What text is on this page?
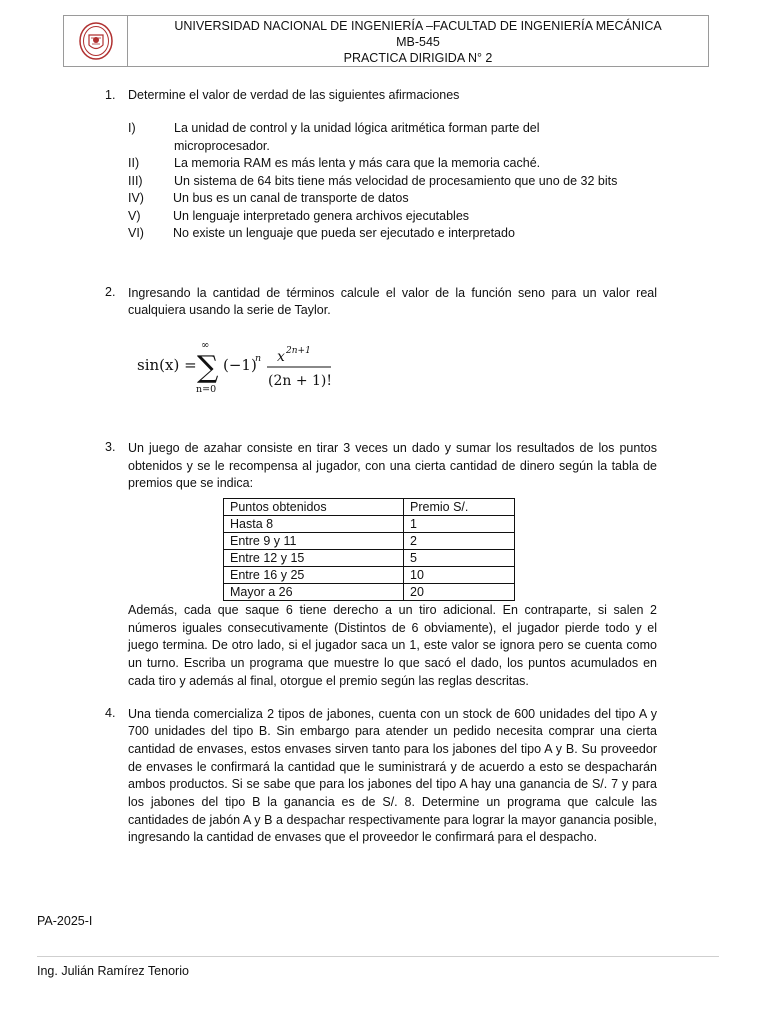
UNIVERSIDAD NACIONAL DE INGENIERÍA –FACULTAD DE INGENIERÍA MECÁNICA
MB-545
PRACTICA DIRIGIDA N° 2
1.	Determine el valor de verdad de las siguientes afirmaciones
I)	La unidad de control y la unidad lógica aritmética forman parte del microprocesador.
II)	La memoria RAM es más lenta y más cara que la memoria caché.
III)	Un sistema de 64 bits tiene más velocidad de procesamiento que uno de 32 bits
IV)	Un bus es un canal de transporte de datos
V)	Un lenguaje interpretado genera archivos ejecutables
VI)	No existe un lenguaje que pueda ser ejecutado e interpretado
2.	Ingresando la cantidad de términos calcule el valor de la función seno para un valor real cualquiera usando la serie de Taylor.
sin(x) =
∞
∑
n=0
(−1)
n x 2n+1
(2n + 1)!
3.	Un juego de azahar consiste en tirar 3 veces un dado y sumar los resultados de los puntos obtenidos y se le recompensa al jugador, con una cierta cantidad de dinero según la tabla de premios que se indica:
Puntos obtenidos	Premio S/.
Hasta 8	1
Entre 9 y 11	2
Entre 12 y 15	5
Entre 16 y 25	10
Mayor a 26	20
Además, cada que saque 6 tiene derecho a un tiro adicional. En contraparte, si salen 2 números iguales consecutivamente (Distintos de 6 obviamente), el jugador pierde todo y el juego termina. De otro lado, si el jugador saca un 1, este valor se ignora pero se cuenta como un turno. Escriba un programa que muestre lo que sacó el dado, los puntos acumulados en cada tiro y además al final, otorgue el premio según las reglas descritas.
4.	Una tienda comercializa 2 tipos de jabones, cuenta con un stock de 600 unidades del tipo A y 700 unidades del tipo B. Sin embargo para atender un pedido necesita comprar una cierta cantidad de envases, estos envases sirven tanto para los jabones del tipo A y B. Su proveedor de envases le confirmará la cantidad que le suministrará y de acuerdo a esto se despacharán ambos productos. Si se sabe que para los jabones del tipo A hay una ganancia de S/. 7 y para los jabones del tipo B la ganancia es de S/. 8. Determine un programa que calcule las cantidades de jabón A y B a despachar respectivamente para lograr la mayor ganancia posible, ingresando la cantidad de envases que el proveedor le confirmará para el despacho.
PA-2025-I
Ing. Julián Ramírez Tenorio
